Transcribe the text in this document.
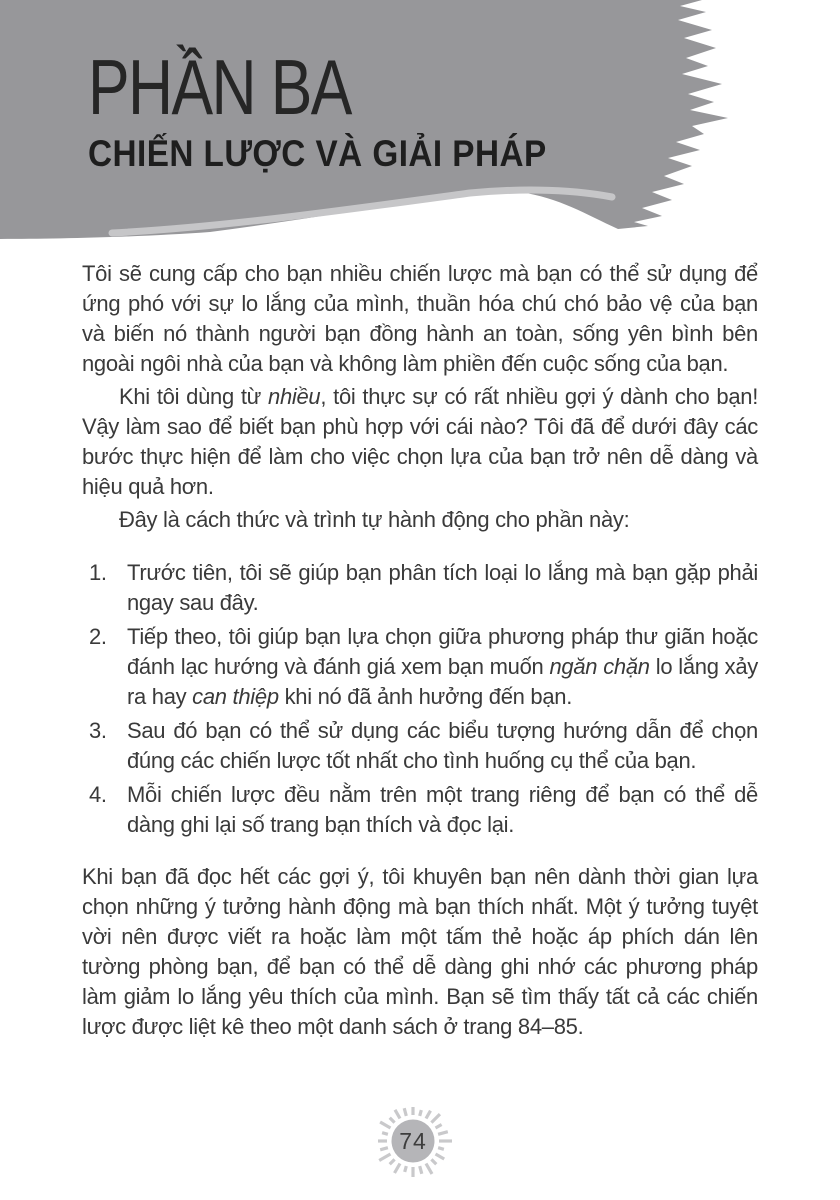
PHẦN BA
CHIẾN LƯỢC VÀ GIẢI PHÁP

Tôi sẽ cung cấp cho bạn nhiều chiến lược mà bạn có thể sử dụng để ứng phó với sự lo lắng của mình, thuần hóa chú chó bảo vệ của bạn và biến nó thành người bạn đồng hành an toàn, sống yên bình bên ngoài ngôi nhà của bạn và không làm phiền đến cuộc sống của bạn.

Khi tôi dùng từ nhiều, tôi thực sự có rất nhiều gợi ý dành cho bạn! Vậy làm sao để biết bạn phù hợp với cái nào? Tôi đã để dưới đây các bước thực hiện để làm cho việc chọn lựa của bạn trở nên dễ dàng và hiệu quả hơn.

Đây là cách thức và trình tự hành động cho phần này:

1. Trước tiên, tôi sẽ giúp bạn phân tích loại lo lắng mà bạn gặp phải ngay sau đây.
2. Tiếp theo, tôi giúp bạn lựa chọn giữa phương pháp thư giãn hoặc đánh lạc hướng và đánh giá xem bạn muốn ngăn chặn lo lắng xảy ra hay can thiệp khi nó đã ảnh hưởng đến bạn.
3. Sau đó bạn có thể sử dụng các biểu tượng hướng dẫn để chọn đúng các chiến lược tốt nhất cho tình huống cụ thể của bạn.
4. Mỗi chiến lược đều nằm trên một trang riêng để bạn có thể dễ dàng ghi lại số trang bạn thích và đọc lại.

Khi bạn đã đọc hết các gợi ý, tôi khuyên bạn nên dành thời gian lựa chọn những ý tưởng hành động mà bạn thích nhất. Một ý tưởng tuyệt vời nên được viết ra hoặc làm một tấm thẻ hoặc áp phích dán lên tường phòng bạn, để bạn có thể dễ dàng ghi nhớ các phương pháp làm giảm lo lắng yêu thích của mình. Bạn sẽ tìm thấy tất cả các chiến lược được liệt kê theo một danh sách ở trang 84–85.

74
